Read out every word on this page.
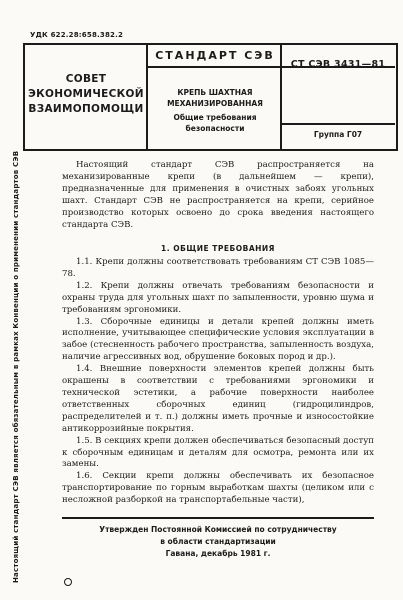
УДК 622.28:658.382.2
СОВЕТ
ЭКОНОМИЧЕСКОЙ
ВЗАИМОПОМОЩИ
СТАНДАРТ СЭВ
СТ СЭВ 3431—81
КРЕПЬ ШАХТНАЯ
МЕХАНИЗИРОВАННАЯ
Общие требования
безопасности
Группа Г07
Настоящий стандарт СЭВ является обязательным в рамках Конвенции о применении стандартов СЭВ	Настоящий стандарт СЭВ распространяется на механизированные крепи (в дальнейшем — крепи), предназначенные для применения в очистных забоях угольных шахт. Стандарт СЭВ не распространяется на крепи, серийное производство которых освоено до срока введения настоящего стандарта СЭВ.

1. ОБЩИЕ ТРЕБОВАНИЯ

1.1. Крепи должны соответствовать требованиям СТ СЭВ 1085—78.

1.2. Крепи должны отвечать требованиям безопасности и охраны труда для угольных шахт по запыленности, уровню шума и требованиям эргономики.

1.3. Сборочные единицы и детали крепей должны иметь исполнение, учитывающее специфические условия эксплуатации в забое (стесненность рабочего пространства, запыленность воздуха, наличие агрессивных вод, обрушение боковых пород и др.).

1.4. Внешние поверхности элементов крепей должны быть окрашены в соответствии с требованиями эргономики и технической эстетики, а рабочие поверхности наиболее ответственных сборочных единиц (гидроцилиндров, распределителей и т. п.) должны иметь прочные и износостойкие антикоррозийные покрытия.

1.5. В секциях крепи должен обеспечиваться безопасный доступ к сборочным единицам и деталям для осмотра, ремонта или их замены.

1.6. Секции крепи должны обеспечивать их безопасное транспортирование по горным выработкам шахты (целиком или с несложной разборкой на транспортабельные части),

Утвержден Постоянной Комиссией по сотрудничеству
в области стандартизации
Гавана, декабрь 1981 г.
